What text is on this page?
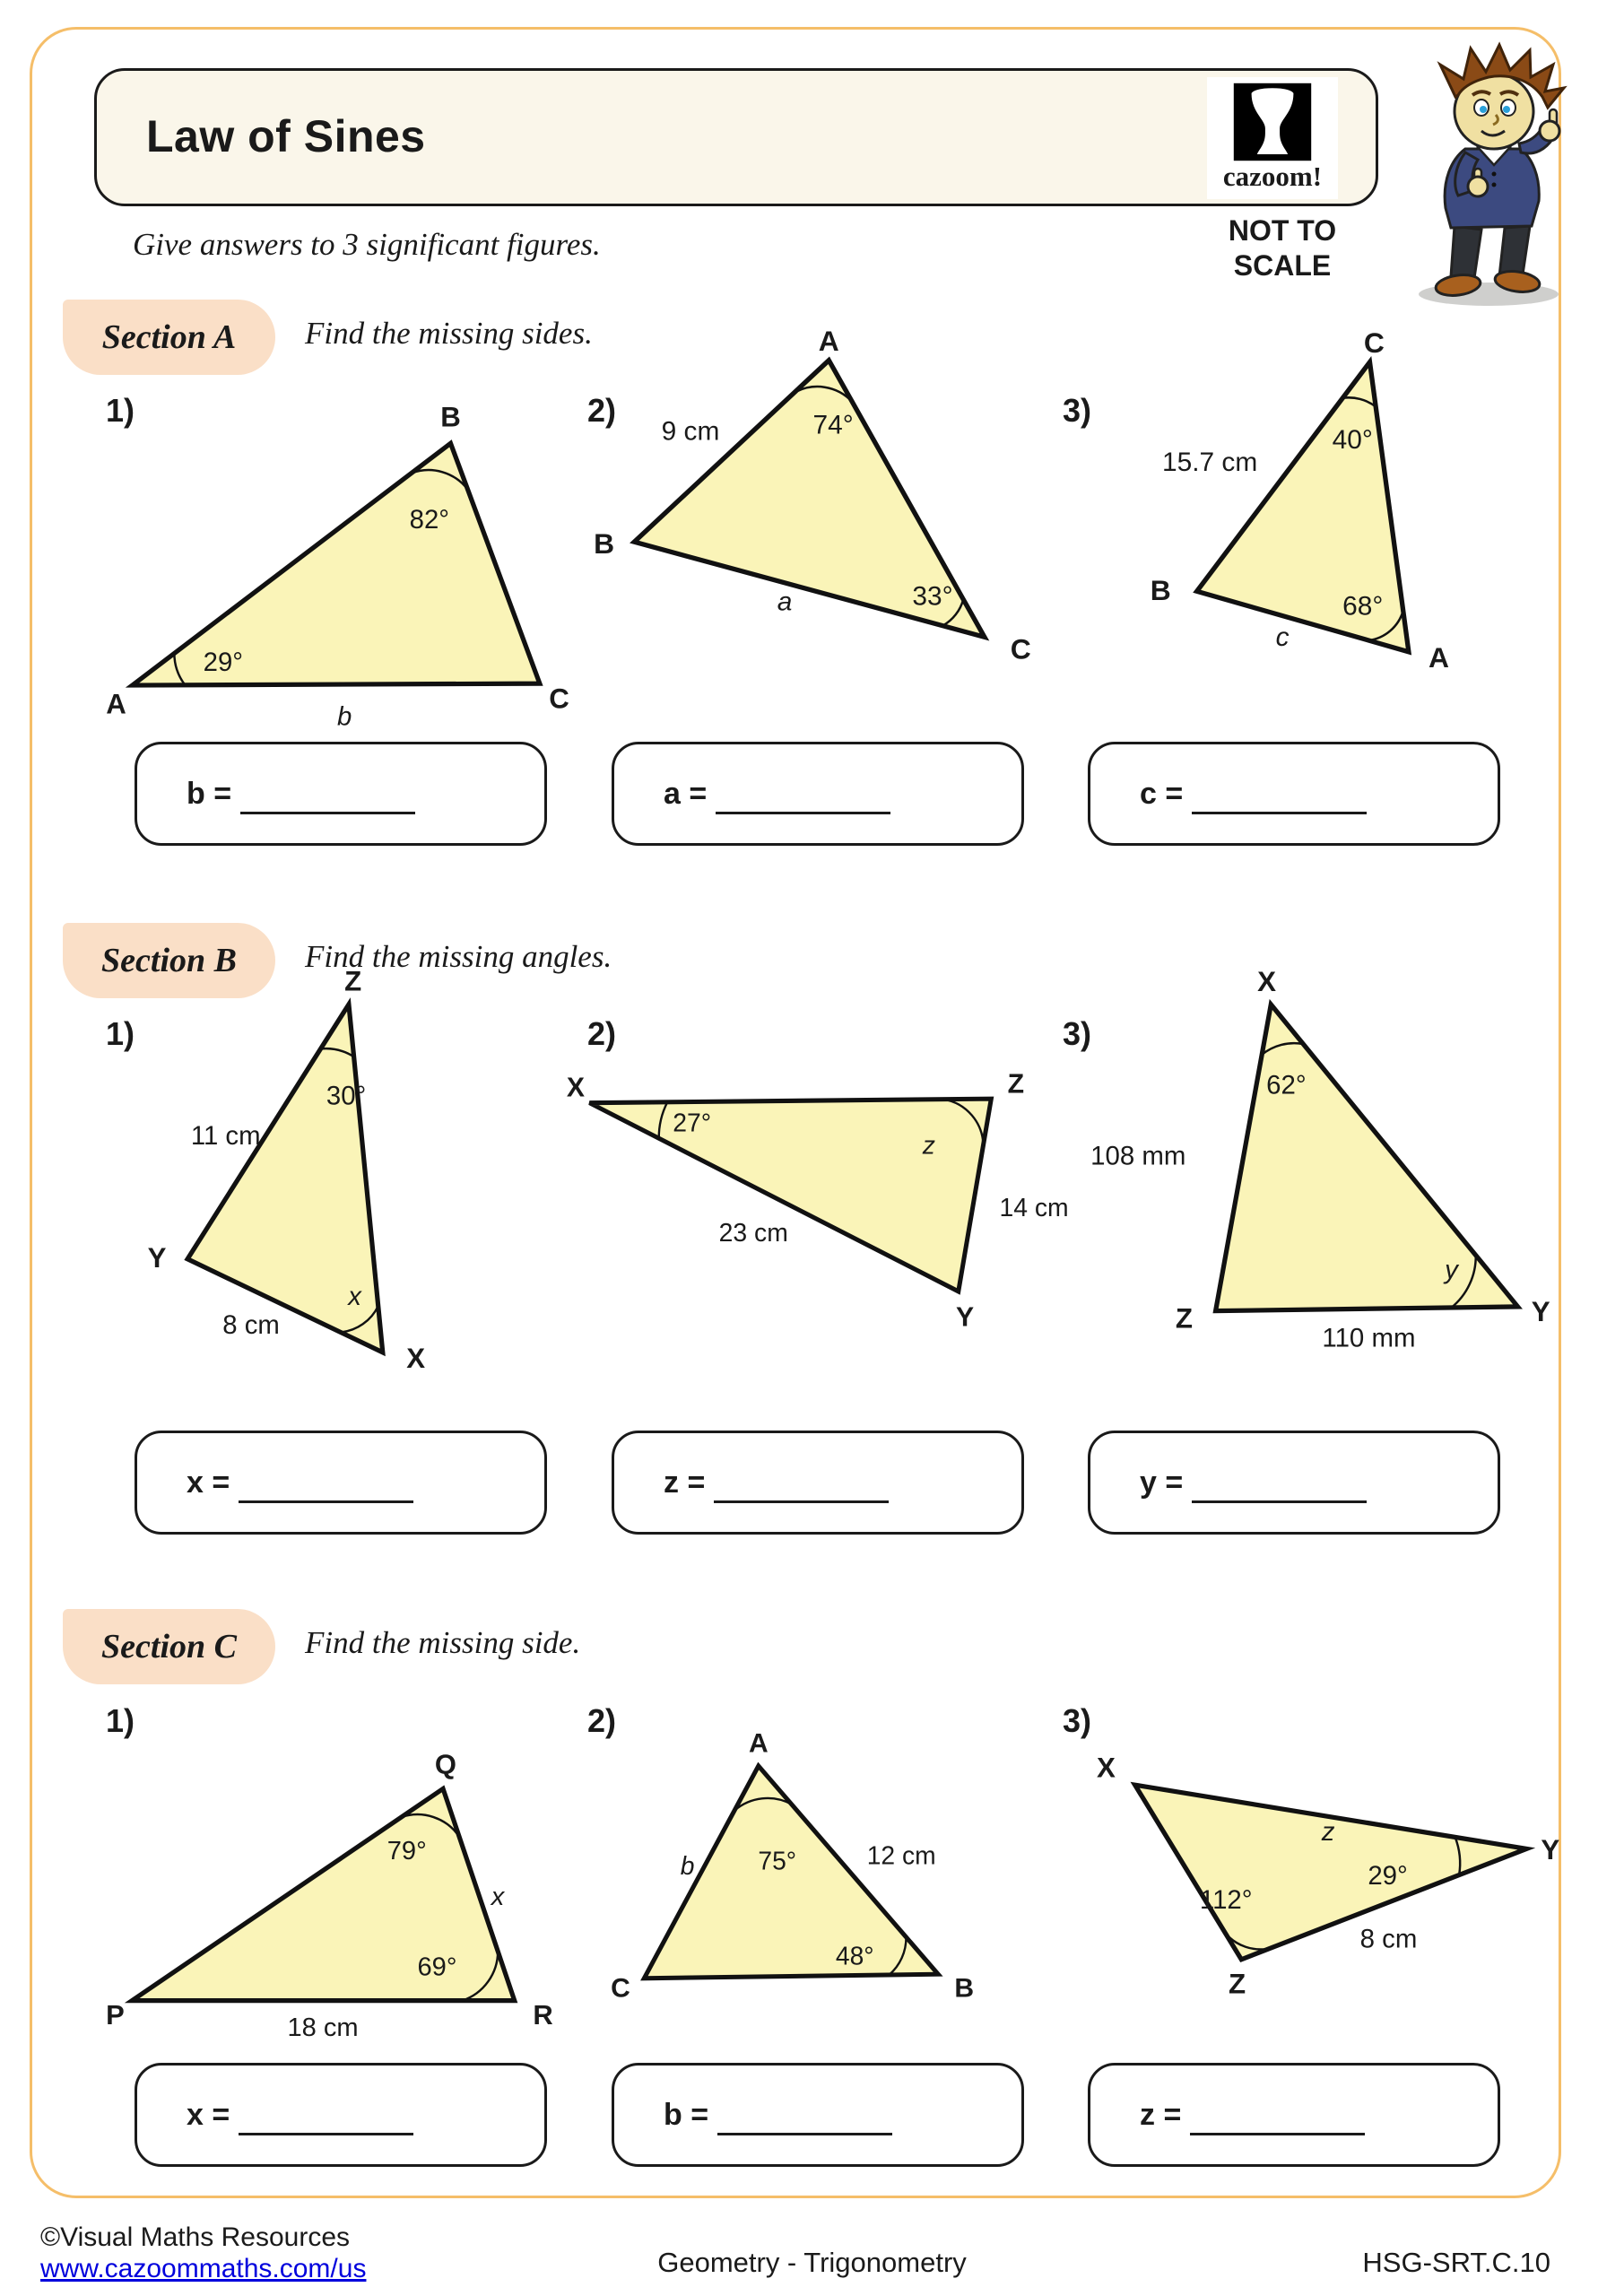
Law of Sines
cazoom!
NOT TO
SCALE
Give answers to 3 significant figures.
Section A	Find the missing sides.
1)	2)	3)
A
B
C
82°
29°
b
A
B
C
74°
33°
9 cm
a
C
B
A
40°
68°
15.7 cm
c
b =	a =	c =
Section B	Find the missing angles.
1)	2)	3)
Z
Y
X
30°
11 cm
8 cm
x
X	Z
Y
27°
z
23 cm
14 cm
X
Z	Y
62°
108 mm
110 mm
y
x =	z =	y =
Section C	Find the missing side.
1)	2)	3)
P
Q
R
79°
x
69°
18 cm
A
C	B
75°
b	12 cm
48°
X
Y
Z
z
29°
112°
8 cm
x =	b =	z =
©Visual Maths Resources
www.cazoommaths.com/us	Geometry - Trigonometry	HSG-SRT.C.10
